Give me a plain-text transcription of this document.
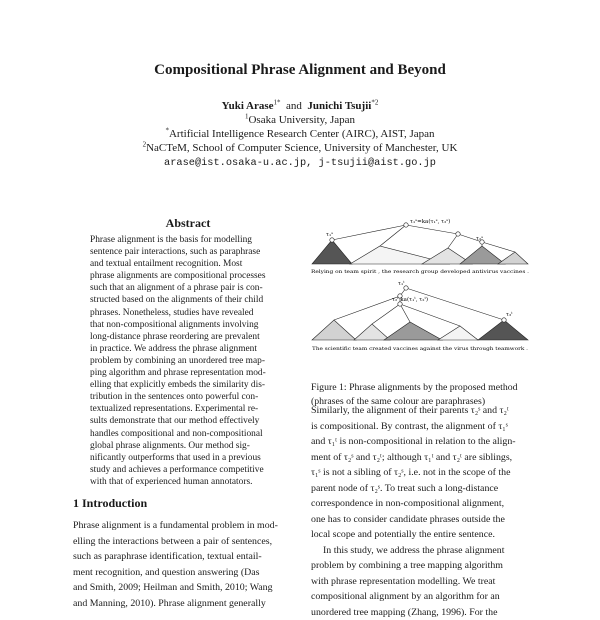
Compositional Phrase Alignment and Beyond
Yuki Arase$^{1*}$ and Junichi Tsujii$^{*2}$
$^1$Osaka University, Japan
*Artificial Intelligence Research Center (AIRC), AIST, Japan
$^2$NaCTeM, School of Computer Science, University of Manchester, UK
arase@ist.osaka-u.ac.jp, j-tsujii@aist.go.jp
Abstract

Phrase alignment is the basis for modelling

sentence pair interactions, such as paraphrase

and textual entailment recognition. Most

phrase alignments are compositional processes

such that an alignment of a phrase pair is con-

structed based on the alignments of their child

phrases. Nonetheless, studies have revealed

that non-compositional alignments involving

long-distance phrase reordering are prevalent

in practice. We address the phrase alignment

problem by combining an unordered tree map-

ping algorithm and phrase representation mod-

elling that explicitly embeds the similarity dis-

tribution in the sentences onto powerful con-

textualized representations. Experimental re-

sults demonstrate that our method effectively

handles compositional and non-compositional

global phrase alignments. Our method sig-

nificantly outperforms that used in a previous

study and achieves a performance competitive

with that of experienced human annotators.

1 Introduction

Phrase alignment is a fundamental problem in mod-

elling the interactions between a pair of sentences,

such as paraphrase identification, textual entail-

ment recognition, and question answering (Das

and Smith, 2009; Heilman and Smith, 2010; Wang

and Manning, 2010). Phrase alignment generally

τ₁ˢ=ka(τ₁ˢ, τ₂ˢ)
τ₁ˢ
τ₂ˢ
Relying on team spirit , the research group developed antivirus vaccines .
τ₁ᵗ
τ₂ᵗ ka(τ₁ᵗ, τ₂ᵗ)
τ₃ᵗ
The scientific team created vaccines against the virus through teamwork .

Figure 1: Phrase alignments by the proposed method

(phrases of the same colour are paraphrases)

Similarly, the alignment of their parents τ₂ˢ and τ₂ᵗ

is compositional. By contrast, the alignment of τ₁ˢ

and τ₁ᵗ is non-compositional in relation to the align-

ment of τ₂ˢ and τ₂ᵗ; although τ₁ᵗ and τ₂ᵗ are siblings,

τ₁ˢ is not a sibling of τ₂ˢ, i.e. not in the scope of the

parent node of τ₂ˢ. To treat such a long-distance

correspondence in non-compositional alignment,

one has to consider candidate phrases outside the

local scope and potentially the entire sentence.

In this study, we address the phrase alignment

problem by combining a tree mapping algorithm

with phrase representation modelling. We treat

compositional alignment by an algorithm for an

unordered tree mapping (Zhang, 1996). For the
